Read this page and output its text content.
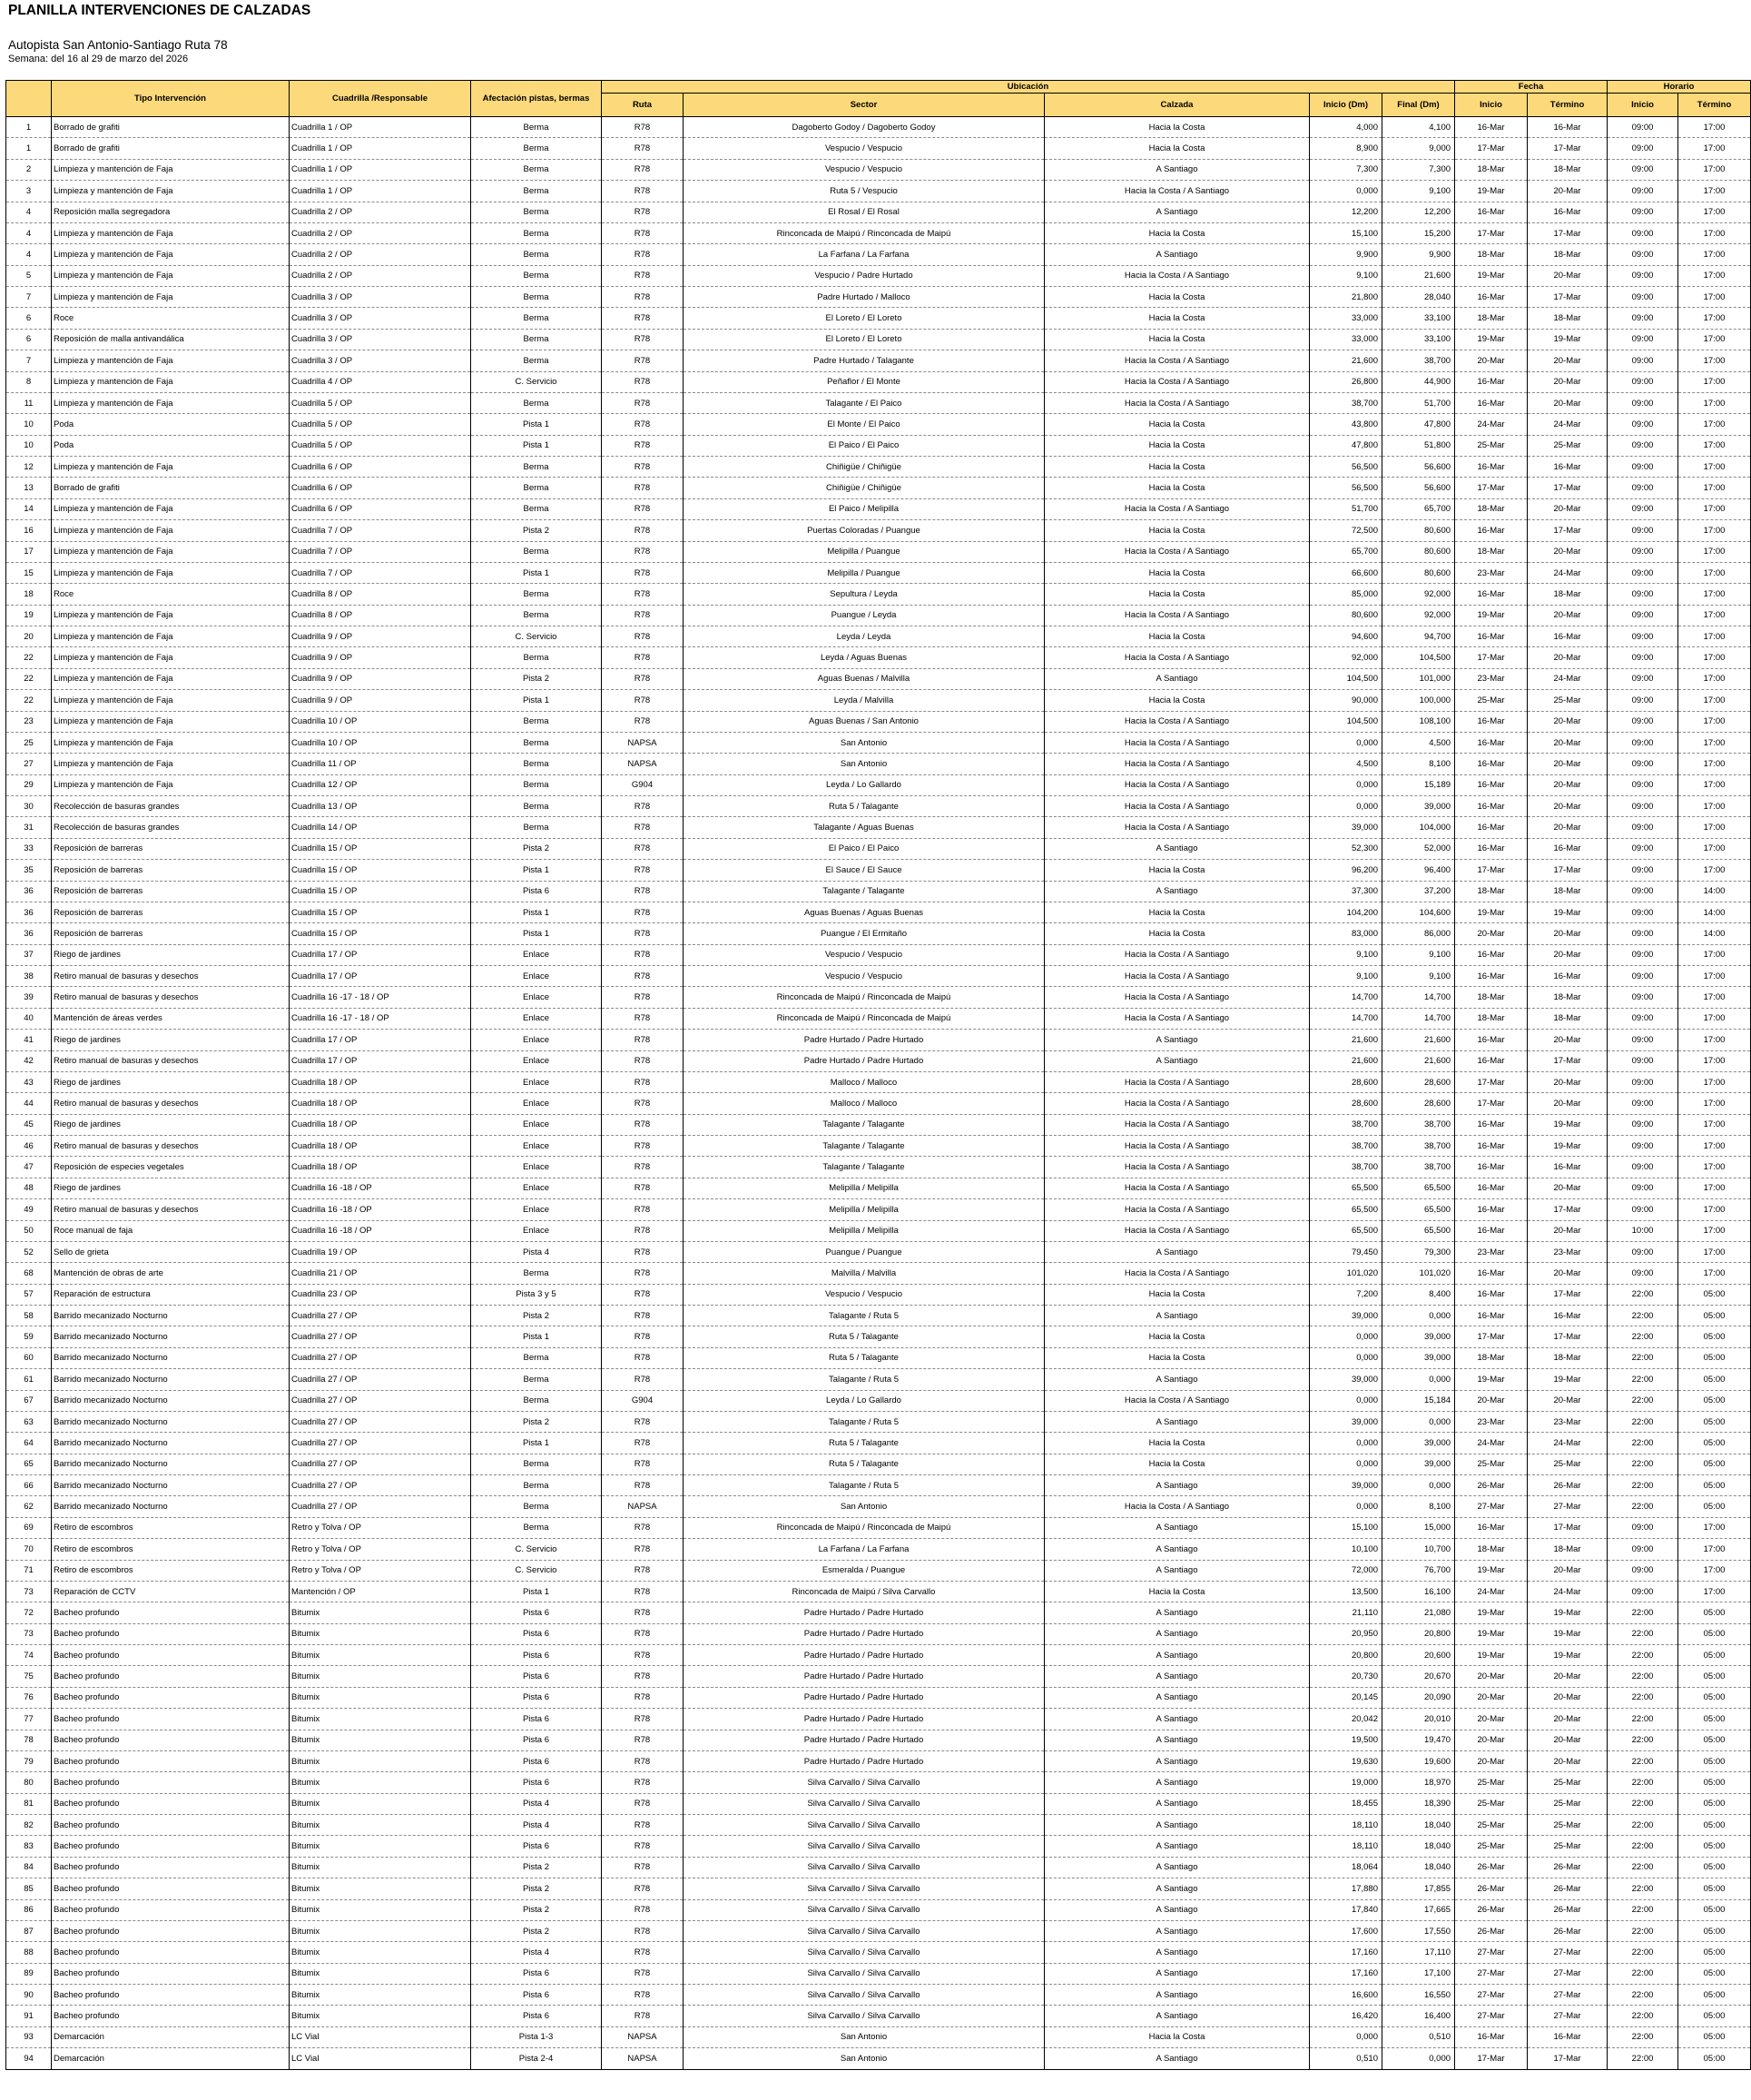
PLANILLA INTERVENCIONES DE CALZADAS
Autopista San Antonio-Santiago Ruta 78
Semana: del 16 al 29 de marzo del 2026
	Tipo Intervención	Cuadrilla /Responsable	Afectación pistas, bermas	Ubicación					Fecha		Horario	
				Ruta	Sector	Calzada	Inicio (Dm)	Final (Dm)	Inicio	Término	Inicio	Término
1	Borrado de grafiti	Cuadrilla 1 / OP	Berma	R78	Dagoberto Godoy / Dagoberto Godoy	Hacia la Costa	4,000	4,100	16-Mar	16-Mar	09:00	17:00
1	Borrado de grafiti	Cuadrilla 1 / OP	Berma	R78	Vespucio / Vespucio	Hacia la Costa	8,900	9,000	17-Mar	17-Mar	09:00	17:00
2	Limpieza y mantención de Faja	Cuadrilla 1 / OP	Berma	R78	Vespucio / Vespucio	A Santiago	7,300	7,300	18-Mar	18-Mar	09:00	17:00
3	Limpieza y mantención de Faja	Cuadrilla 1 / OP	Berma	R78	Ruta 5 / Vespucio	Hacia la Costa / A Santiago	0,000	9,100	19-Mar	20-Mar	09:00	17:00
4	Reposición malla segregadora	Cuadrilla 2 / OP	Berma	R78	El Rosal / El Rosal	A Santiago	12,200	12,200	16-Mar	16-Mar	09:00	17:00
4	Limpieza y mantención de Faja	Cuadrilla 2 / OP	Berma	R78	Rinconcada de Maipú / Rinconcada de Maipú	Hacia la Costa	15,100	15,200	17-Mar	17-Mar	09:00	17:00
4	Limpieza y mantención de Faja	Cuadrilla 2 / OP	Berma	R78	La Farfana / La Farfana	A Santiago	9,900	9,900	18-Mar	18-Mar	09:00	17:00
5	Limpieza y mantención de Faja	Cuadrilla 2 / OP	Berma	R78	Vespucio / Padre Hurtado	Hacia la Costa / A Santiago	9,100	21,600	19-Mar	20-Mar	09:00	17:00
7	Limpieza y mantención de Faja	Cuadrilla 3 / OP	Berma	R78	Padre Hurtado / Malloco	Hacia la Costa	21,800	28,040	16-Mar	17-Mar	09:00	17:00
6	Roce	Cuadrilla 3 / OP	Berma	R78	El Loreto / El Loreto	Hacia la Costa	33,000	33,100	18-Mar	18-Mar	09:00	17:00
6	Reposición de malla antivandálica	Cuadrilla 3 / OP	Berma	R78	El Loreto / El Loreto	Hacia la Costa	33,000	33,100	19-Mar	19-Mar	09:00	17:00
7	Limpieza y mantención de Faja	Cuadrilla 3 / OP	Berma	R78	Padre Hurtado / Talagante	Hacia la Costa / A Santiago	21,600	38,700	20-Mar	20-Mar	09:00	17:00
8	Limpieza y mantención de Faja	Cuadrilla 4 / OP	C. Servicio	R78	Peñaflor / El Monte	Hacia la Costa / A Santiago	26,800	44,900	16-Mar	20-Mar	09:00	17:00
11	Limpieza y mantención de Faja	Cuadrilla 5 / OP	Berma	R78	Talagante / El Paico	Hacia la Costa / A Santiago	38,700	51,700	16-Mar	20-Mar	09:00	17:00
10	Poda	Cuadrilla 5 / OP	Pista 1	R78	El Monte / El Paico	Hacia la Costa	43,800	47,800	24-Mar	24-Mar	09:00	17:00
10	Poda	Cuadrilla 5 / OP	Pista 1	R78	El Paico / El Paico	Hacia la Costa	47,800	51,800	25-Mar	25-Mar	09:00	17:00
12	Limpieza y mantención de Faja	Cuadrilla 6 / OP	Berma	R78	Chiñigüe / Chiñigüe	Hacia la Costa	56,500	56,600	16-Mar	16-Mar	09:00	17:00
13	Borrado de grafiti	Cuadrilla 6 / OP	Berma	R78	Chiñigüe / Chiñigüe	Hacia la Costa	56,500	56,600	17-Mar	17-Mar	09:00	17:00
14	Limpieza y mantención de Faja	Cuadrilla 6 / OP	Berma	R78	El Paico / Melipilla	Hacia la Costa / A Santiago	51,700	65,700	18-Mar	20-Mar	09:00	17:00
16	Limpieza y mantención de Faja	Cuadrilla 7 / OP	Pista 2	R78	Puertas Coloradas / Puangue	Hacia la Costa	72,500	80,600	16-Mar	17-Mar	09:00	17:00
17	Limpieza y mantención de Faja	Cuadrilla 7 / OP	Berma	R78	Melipilla / Puangue	Hacia la Costa / A Santiago	65,700	80,600	18-Mar	20-Mar	09:00	17:00
15	Limpieza y mantención de Faja	Cuadrilla 7 / OP	Pista 1	R78	Melipilla / Puangue	Hacia la Costa	66,600	80,600	23-Mar	24-Mar	09:00	17:00
18	Roce	Cuadrilla 8 / OP	Berma	R78	Sepultura / Leyda	Hacia la Costa	85,000	92,000	16-Mar	18-Mar	09:00	17:00
19	Limpieza y mantención de Faja	Cuadrilla 8 / OP	Berma	R78	Puangue / Leyda	Hacia la Costa / A Santiago	80,600	92,000	19-Mar	20-Mar	09:00	17:00
20	Limpieza y mantención de Faja	Cuadrilla 9 / OP	C. Servicio	R78	Leyda / Leyda	Hacia la Costa	94,600	94,700	16-Mar	16-Mar	09:00	17:00
22	Limpieza y mantención de Faja	Cuadrilla 9 / OP	Berma	R78	Leyda / Aguas Buenas	Hacia la Costa / A Santiago	92,000	104,500	17-Mar	20-Mar	09:00	17:00
22	Limpieza y mantención de Faja	Cuadrilla 9 / OP	Pista 2	R78	Aguas Buenas / Malvilla	A Santiago	104,500	101,000	23-Mar	24-Mar	09:00	17:00
22	Limpieza y mantención de Faja	Cuadrilla 9 / OP	Pista 1	R78	Leyda / Malvilla	Hacia la Costa	90,000	100,000	25-Mar	25-Mar	09:00	17:00
23	Limpieza y mantención de Faja	Cuadrilla 10 / OP	Berma	R78	Aguas Buenas / San Antonio	Hacia la Costa / A Santiago	104,500	108,100	16-Mar	20-Mar	09:00	17:00
25	Limpieza y mantención de Faja	Cuadrilla 10 / OP	Berma	NAPSA	San Antonio	Hacia la Costa / A Santiago	0,000	4,500	16-Mar	20-Mar	09:00	17:00
27	Limpieza y mantención de Faja	Cuadrilla 11 / OP	Berma	NAPSA	San Antonio	Hacia la Costa / A Santiago	4,500	8,100	16-Mar	20-Mar	09:00	17:00
29	Limpieza y mantención de Faja	Cuadrilla 12 / OP	Berma	G904	Leyda / Lo Gallardo	Hacia la Costa / A Santiago	0,000	15,189	16-Mar	20-Mar	09:00	17:00
30	Recolección de basuras grandes	Cuadrilla 13 / OP	Berma	R78	Ruta 5 / Talagante	Hacia la Costa / A Santiago	0,000	39,000	16-Mar	20-Mar	09:00	17:00
31	Recolección de basuras grandes	Cuadrilla 14 / OP	Berma	R78	Talagante / Aguas Buenas	Hacia la Costa / A Santiago	39,000	104,000	16-Mar	20-Mar	09:00	17:00
33	Reposición de barreras	Cuadrilla 15 / OP	Pista 2	R78	El Paico / El Paico	A Santiago	52,300	52,000	16-Mar	16-Mar	09:00	17:00
35	Reposición de barreras	Cuadrilla 15 / OP	Pista 1	R78	El Sauce / El Sauce	Hacia la Costa	96,200	96,400	17-Mar	17-Mar	09:00	17:00
36	Reposición de barreras	Cuadrilla 15 / OP	Pista 6	R78	Talagante / Talagante	A Santiago	37,300	37,200	18-Mar	18-Mar	09:00	14:00
36	Reposición de barreras	Cuadrilla 15 / OP	Pista 1	R78	Aguas Buenas / Aguas Buenas	Hacia la Costa	104,200	104,600	19-Mar	19-Mar	09:00	14:00
36	Reposición de barreras	Cuadrilla 15 / OP	Pista 1	R78	Puangue / El Ermitaño	Hacia la Costa	83,000	86,000	20-Mar	20-Mar	09:00	14:00
37	Riego de jardines	Cuadrilla 17 / OP	Enlace	R78	Vespucio / Vespucio	Hacia la Costa / A Santiago	9,100	9,100	16-Mar	20-Mar	09:00	17:00
38	Retiro manual de basuras y desechos	Cuadrilla 17 / OP	Enlace	R78	Vespucio / Vespucio	Hacia la Costa / A Santiago	9,100	9,100	16-Mar	16-Mar	09:00	17:00
39	Retiro manual de basuras y desechos	Cuadrilla 16 -17 - 18 / OP	Enlace	R78	Rinconcada de Maipú / Rinconcada de Maipú	Hacia la Costa / A Santiago	14,700	14,700	18-Mar	18-Mar	09:00	17:00
40	Mantención de áreas verdes	Cuadrilla 16 -17 - 18 / OP	Enlace	R78	Rinconcada de Maipú / Rinconcada de Maipú	Hacia la Costa / A Santiago	14,700	14,700	18-Mar	18-Mar	09:00	17:00
41	Riego de jardines	Cuadrilla 17 / OP	Enlace	R78	Padre Hurtado / Padre Hurtado	A Santiago	21,600	21,600	16-Mar	20-Mar	09:00	17:00
42	Retiro manual de basuras y desechos	Cuadrilla 17 / OP	Enlace	R78	Padre Hurtado / Padre Hurtado	A Santiago	21,600	21,600	16-Mar	17-Mar	09:00	17:00
43	Riego de jardines	Cuadrilla 18 / OP	Enlace	R78	Malloco / Malloco	Hacia la Costa / A Santiago	28,600	28,600	17-Mar	20-Mar	09:00	17:00
44	Retiro manual de basuras y desechos	Cuadrilla 18 / OP	Enlace	R78	Malloco / Malloco	Hacia la Costa / A Santiago	28,600	28,600	17-Mar	20-Mar	09:00	17:00
45	Riego de jardines	Cuadrilla 18 / OP	Enlace	R78	Talagante / Talagante	Hacia la Costa / A Santiago	38,700	38,700	16-Mar	19-Mar	09:00	17:00
46	Retiro manual de basuras y desechos	Cuadrilla 18 / OP	Enlace	R78	Talagante / Talagante	Hacia la Costa / A Santiago	38,700	38,700	16-Mar	19-Mar	09:00	17:00
47	Reposición de especies vegetales	Cuadrilla 18 / OP	Enlace	R78	Talagante / Talagante	Hacia la Costa / A Santiago	38,700	38,700	16-Mar	16-Mar	09:00	17:00
48	Riego de jardines	Cuadrilla 16 -18 / OP	Enlace	R78	Melipilla / Melipilla	Hacia la Costa / A Santiago	65,500	65,500	16-Mar	20-Mar	09:00	17:00
49	Retiro manual de basuras y desechos	Cuadrilla 16 -18 / OP	Enlace	R78	Melipilla / Melipilla	Hacia la Costa / A Santiago	65,500	65,500	16-Mar	17-Mar	09:00	17:00
50	Roce manual de faja	Cuadrilla 16 -18 / OP	Enlace	R78	Melipilla / Melipilla	Hacia la Costa / A Santiago	65,500	65,500	16-Mar	20-Mar	10:00	17:00
52	Sello de grieta	Cuadrilla 19 / OP	Pista 4	R78	Puangue / Puangue	A Santiago	79,450	79,300	23-Mar	23-Mar	09:00	17:00
68	Mantención de obras de arte	Cuadrilla 21 / OP	Berma	R78	Malvilla / Malvilla	Hacia la Costa / A Santiago	101,020	101,020	16-Mar	20-Mar	09:00	17:00
57	Reparación de estructura	Cuadrilla 23 / OP	Pista 3 y 5	R78	Vespucio / Vespucio	Hacia la Costa	7,200	8,400	16-Mar	17-Mar	22:00	05:00
58	Barrido mecanizado Nocturno	Cuadrilla 27 / OP	Pista 2	R78	Talagante / Ruta 5	A Santiago	39,000	0,000	16-Mar	16-Mar	22:00	05:00
59	Barrido mecanizado Nocturno	Cuadrilla 27 / OP	Pista 1	R78	Ruta 5 / Talagante	Hacia la Costa	0,000	39,000	17-Mar	17-Mar	22:00	05:00
60	Barrido mecanizado Nocturno	Cuadrilla 27 / OP	Berma	R78	Ruta 5 / Talagante	Hacia la Costa	0,000	39,000	18-Mar	18-Mar	22:00	05:00
61	Barrido mecanizado Nocturno	Cuadrilla 27 / OP	Berma	R78	Talagante / Ruta 5	A Santiago	39,000	0,000	19-Mar	19-Mar	22:00	05:00
67	Barrido mecanizado Nocturno	Cuadrilla 27 / OP	Berma	G904	Leyda / Lo Gallardo	Hacia la Costa / A Santiago	0,000	15,184	20-Mar	20-Mar	22:00	05:00
63	Barrido mecanizado Nocturno	Cuadrilla 27 / OP	Pista 2	R78	Talagante / Ruta 5	A Santiago	39,000	0,000	23-Mar	23-Mar	22:00	05:00
64	Barrido mecanizado Nocturno	Cuadrilla 27 / OP	Pista 1	R78	Ruta 5 / Talagante	Hacia la Costa	0,000	39,000	24-Mar	24-Mar	22:00	05:00
65	Barrido mecanizado Nocturno	Cuadrilla 27 / OP	Berma	R78	Ruta 5 / Talagante	Hacia la Costa	0,000	39,000	25-Mar	25-Mar	22:00	05:00
66	Barrido mecanizado Nocturno	Cuadrilla 27 / OP	Berma	R78	Talagante / Ruta 5	A Santiago	39,000	0,000	26-Mar	26-Mar	22:00	05:00
62	Barrido mecanizado Nocturno	Cuadrilla 27 / OP	Berma	NAPSA	San Antonio	Hacia la Costa / A Santiago	0,000	8,100	27-Mar	27-Mar	22:00	05:00
69	Retiro de escombros	Retro y Tolva / OP	Berma	R78	Rinconcada de Maipú / Rinconcada de Maipú	A Santiago	15,100	15,000	16-Mar	17-Mar	09:00	17:00
70	Retiro de escombros	Retro y Tolva / OP	C. Servicio	R78	La Farfana / La Farfana	A Santiago	10,100	10,700	18-Mar	18-Mar	09:00	17:00
71	Retiro de escombros	Retro y Tolva / OP	C. Servicio	R78	Esmeralda / Puangue	A Santiago	72,000	76,700	19-Mar	20-Mar	09:00	17:00
73	Reparación de CCTV	Mantención / OP	Pista 1	R78	Rinconcada de Maipú / Silva Carvallo	Hacia la Costa	13,500	16,100	24-Mar	24-Mar	09:00	17:00
72	Bacheo profundo	Bitumix	Pista 6	R78	Padre Hurtado / Padre Hurtado	A Santiago	21,110	21,080	19-Mar	19-Mar	22:00	05:00
73	Bacheo profundo	Bitumix	Pista 6	R78	Padre Hurtado / Padre Hurtado	A Santiago	20,950	20,800	19-Mar	19-Mar	22:00	05:00
74	Bacheo profundo	Bitumix	Pista 6	R78	Padre Hurtado / Padre Hurtado	A Santiago	20,800	20,600	19-Mar	19-Mar	22:00	05:00
75	Bacheo profundo	Bitumix	Pista 6	R78	Padre Hurtado / Padre Hurtado	A Santiago	20,730	20,670	20-Mar	20-Mar	22:00	05:00
76	Bacheo profundo	Bitumix	Pista 6	R78	Padre Hurtado / Padre Hurtado	A Santiago	20,145	20,090	20-Mar	20-Mar	22:00	05:00
77	Bacheo profundo	Bitumix	Pista 6	R78	Padre Hurtado / Padre Hurtado	A Santiago	20,042	20,010	20-Mar	20-Mar	22:00	05:00
78	Bacheo profundo	Bitumix	Pista 6	R78	Padre Hurtado / Padre Hurtado	A Santiago	19,500	19,470	20-Mar	20-Mar	22:00	05:00
79	Bacheo profundo	Bitumix	Pista 6	R78	Padre Hurtado / Padre Hurtado	A Santiago	19,630	19,600	20-Mar	20-Mar	22:00	05:00
80	Bacheo profundo	Bitumix	Pista 6	R78	Silva Carvallo / Silva Carvallo	A Santiago	19,000	18,970	25-Mar	25-Mar	22:00	05:00
81	Bacheo profundo	Bitumix	Pista 4	R78	Silva Carvallo / Silva Carvallo	A Santiago	18,455	18,390	25-Mar	25-Mar	22:00	05:00
82	Bacheo profundo	Bitumix	Pista 4	R78	Silva Carvallo / Silva Carvallo	A Santiago	18,110	18,040	25-Mar	25-Mar	22:00	05:00
83	Bacheo profundo	Bitumix	Pista 6	R78	Silva Carvallo / Silva Carvallo	A Santiago	18,110	18,040	25-Mar	25-Mar	22:00	05:00
84	Bacheo profundo	Bitumix	Pista 2	R78	Silva Carvallo / Silva Carvallo	A Santiago	18,064	18,040	26-Mar	26-Mar	22:00	05:00
85	Bacheo profundo	Bitumix	Pista 2	R78	Silva Carvallo / Silva Carvallo	A Santiago	17,880	17,855	26-Mar	26-Mar	22:00	05:00
86	Bacheo profundo	Bitumix	Pista 2	R78	Silva Carvallo / Silva Carvallo	A Santiago	17,840	17,665	26-Mar	26-Mar	22:00	05:00
87	Bacheo profundo	Bitumix	Pista 2	R78	Silva Carvallo / Silva Carvallo	A Santiago	17,600	17,550	26-Mar	26-Mar	22:00	05:00
88	Bacheo profundo	Bitumix	Pista 4	R78	Silva Carvallo / Silva Carvallo	A Santiago	17,160	17,110	27-Mar	27-Mar	22:00	05:00
89	Bacheo profundo	Bitumix	Pista 6	R78	Silva Carvallo / Silva Carvallo	A Santiago	17,160	17,100	27-Mar	27-Mar	22:00	05:00
90	Bacheo profundo	Bitumix	Pista 6	R78	Silva Carvallo / Silva Carvallo	A Santiago	16,600	16,550	27-Mar	27-Mar	22:00	05:00
91	Bacheo profundo	Bitumix	Pista 6	R78	Silva Carvallo / Silva Carvallo	A Santiago	16,420	16,400	27-Mar	27-Mar	22:00	05:00
93	Demarcación	LC Vial	Pista 1-3	NAPSA	San Antonio	Hacia la Costa	0,000	0,510	16-Mar	16-Mar	22:00	05:00
94	Demarcación	LC Vial	Pista 2-4	NAPSA	San Antonio	A Santiago	0,510	0,000	17-Mar	17-Mar	22:00	05:00
